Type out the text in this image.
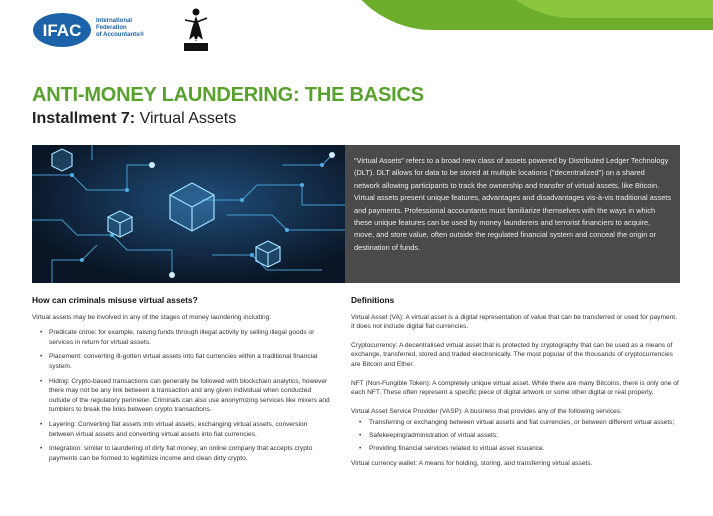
IFAC International
Federation
of Accountants®
ICAEW
ANTI-MONEY LAUNDERING: THE BASICS
Installment 7: Virtual Assets
"Virtual Assets" refers to a broad new class of assets powered by Distributed Ledger Technology (DLT). DLT allows for data to be stored at multiple locations ("decentralized") on a shared network allowing participants to track the ownership and transfer of virtual assets, like Bitcoin. Virtual assets present unique features, advantages and disadvantages vis-à-vis traditional assets and payments. Professional accountants must familiarize themselves with the ways in which these unique features can be used by money launderers and terrorist financiers to acquire, move, and store value, often outside the regulated financial system and conceal the origin or destination of funds.
How can criminals misuse virtual assets?
Virtual assets may be involved in any of the stages of money laundering including:
• Predicate crime: for example, raising funds through illegal activity by selling illegal goods or services in return for virtual assets.
• Placement: converting ill-gotten virtual assets into fiat currencies within a traditional financial system.
• Hiding: Crypto-based transactions can generally be followed with blockchain analytics, however there may not be any link between a transaction and any given individual when conducted outside of the regulatory perimeter. Criminals can also use anonymizing services like mixers and tumblers to break the links between crypto transactions.
• Layering: Converting fiat assets into virtual assets, exchanging virtual assets, conversion between virtual assets and converting virtual assets into fiat currencies.
• Integration: similar to laundering of dirty fiat money, an online company that accepts crypto payments can be formed to legitimize income and clean dirty crypto.
Definitions
Virtual Asset (VA): A virtual asset is a digital representation of value that can be transferred or used for payment. It does not include digital fiat currencies.
Cryptocurrency: A decentralised virtual asset that is protected by cryptography that can be used as a means of exchange, transferred, stored and traded electronically. The most popular of the thousands of cryptocurrencies are Bitcoin and Ether.
NFT (Non-Fungible Token): A completely unique virtual asset. While there are many Bitcoins, there is only one of each NFT. These often represent a specific piece of digital artwork or some other digital or real property.
Virtual Asset Service Provider (VASP): A business that provides any of the following services:
• Transferring or exchanging between virtual assets and fiat currencies, or between different virtual assets;
• Safekeeping/administration of virtual assets;
• Providing financial services related to virtual asset issuance.
Virtual currency wallet: A means for holding, storing, and transferring virtual assets.
